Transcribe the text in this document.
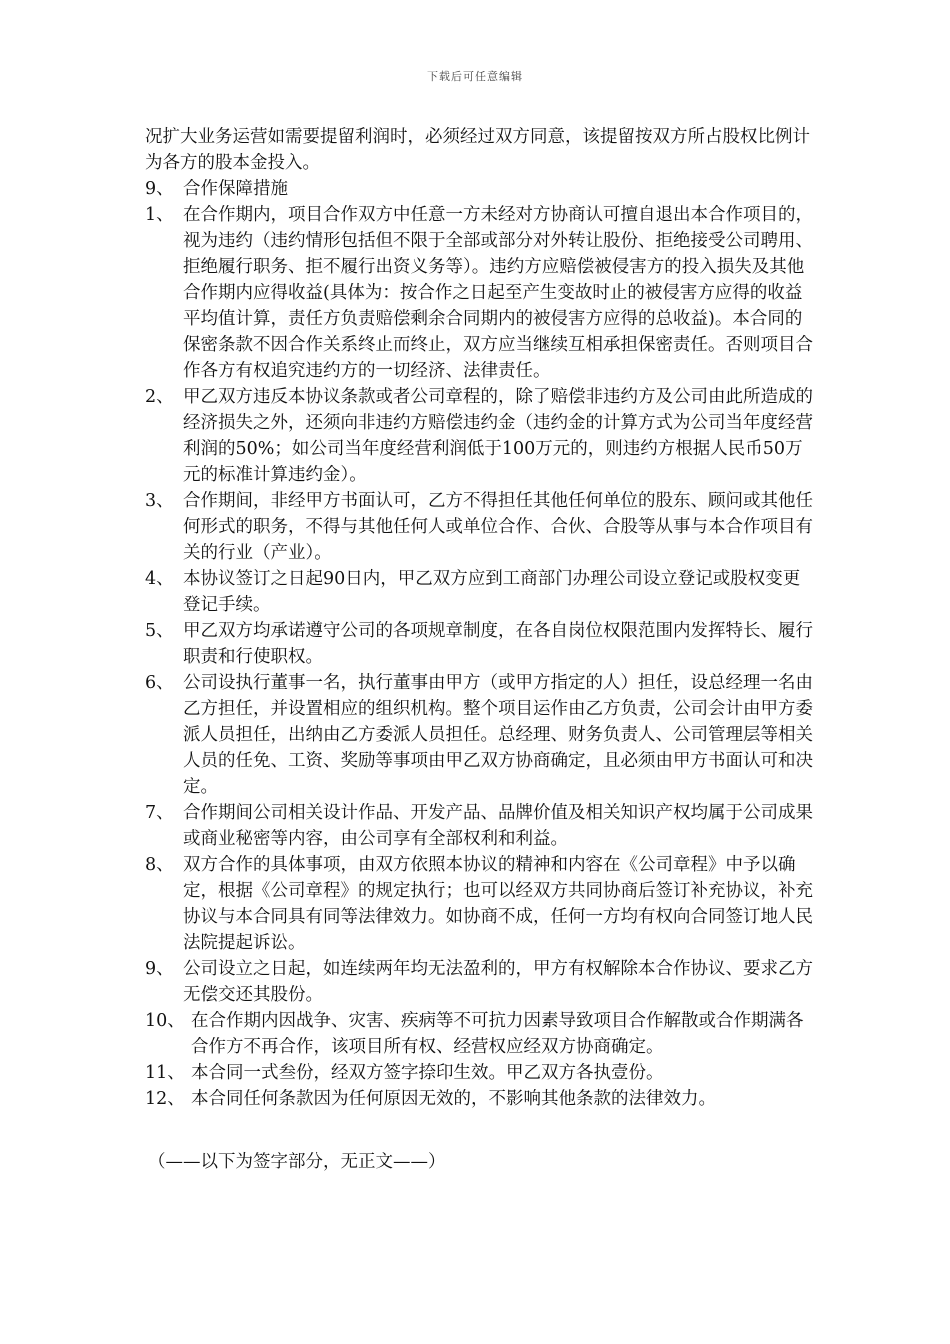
下载后可任意编辑

况扩大业务运营如需要提留利润时，必须经过双方同意，该提留按双方所占股权比例计为各方的股本金投入。

9、 合作保障措施
1、 在合作期内，项目合作双方中任意一方未经对方协商认可擅自退出本合作项目的，视为违约（违约情形包括但不限于全部或部分对外转让股份、拒绝接受公司聘用、拒绝履行职务、拒不履行出资义务等）。违约方应赔偿被侵害方的投入损失及其他合作期内应得收益(具体为：按合作之日起至产生变故时止的被侵害方应得的收益平均值计算，责任方负责赔偿剩余合同期内的被侵害方应得的总收益)。本合同的保密条款不因合作关系终止而终止，双方应当继续互相承担保密责任。否则项目合作各方有权追究违约方的一切经济、法律责任。
2、 甲乙双方违反本协议条款或者公司章程的，除了赔偿非违约方及公司由此所造成的经济损失之外，还须向非违约方赔偿违约金（违约金的计算方式为公司当年度经营利润的50%；如公司当年度经营利润低于100万元的，则违约方根据人民币50万元的标准计算违约金）。
3、 合作期间，非经甲方书面认可，乙方不得担任其他任何单位的股东、顾问或其他任何形式的职务，不得与其他任何人或单位合作、合伙、合股等从事与本合作项目有关的行业（产业）。
4、 本协议签订之日起90日内，甲乙双方应到工商部门办理公司设立登记或股权变更登记手续。
5、 甲乙双方均承诺遵守公司的各项规章制度，在各自岗位权限范围内发挥特长、履行职责和行使职权。
6、 公司设执行董事一名，执行董事由甲方（或甲方指定的人）担任，设总经理一名由乙方担任，并设置相应的组织机构。整个项目运作由乙方负责，公司会计由甲方委派人员担任，出纳由乙方委派人员担任。总经理、财务负责人、公司管理层等相关人员的任免、工资、奖励等事项由甲乙双方协商确定，且必须由甲方书面认可和决定。
7、 合作期间公司相关设计作品、开发产品、品牌价值及相关知识产权均属于公司成果或商业秘密等内容，由公司享有全部权利和利益。
8、 双方合作的具体事项，由双方依照本协议的精神和内容在《公司章程》中予以确定，根据《公司章程》的规定执行；也可以经双方共同协商后签订补充协议，补充协议与本合同具有同等法律效力。如协商不成，任何一方均有权向合同签订地人民法院提起诉讼。
9、 公司设立之日起，如连续两年均无法盈利的，甲方有权解除本合作协议、要求乙方无偿交还其股份。
10、 在合作期内因战争、灾害、疾病等不可抗力因素导致项目合作解散或合作期满各合作方不再合作，该项目所有权、经营权应经双方协商确定。
11、 本合同一式叁份，经双方签字捺印生效。甲乙双方各执壹份。
12、 本合同任何条款因为任何原因无效的，不影响其他条款的法律效力。
（——以下为签字部分，无正文——）
